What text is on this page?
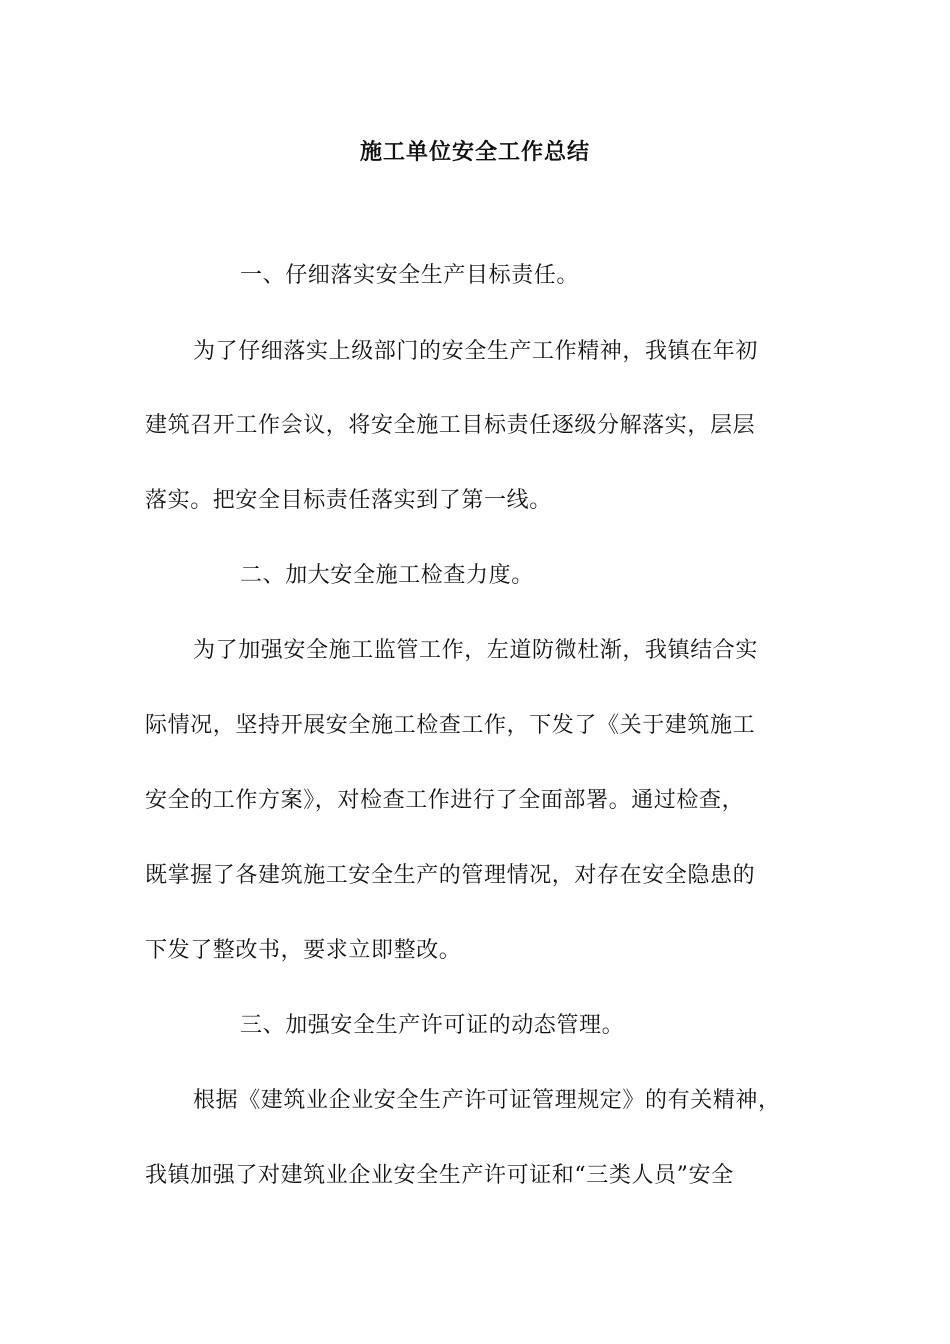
施工单位安全工作总结
一、仔细落实安全生产目标责任。
为了仔细落实上级部门的安全生产工作精神，我镇在年初
建筑召开工作会议，将安全施工目标责任逐级分解落实，层层
落实。把安全目标责任落实到了第一线。
二、加大安全施工检查力度。
为了加强安全施工监管工作，左道防微杜渐，我镇结合实
际情况，坚持开展安全施工检查工作，下发了《关于建筑施工
安全的工作方案》，对检查工作进行了全面部署。通过检查，
既掌握了各建筑施工安全生产的管理情况，对存在安全隐患的
下发了整改书，要求立即整改。
三、加强安全生产许可证的动态管理。
根据《建筑业企业安全生产许可证管理规定》的有关精神，
我镇加强了对建筑业企业安全生产许可证和“三类人员”安全
